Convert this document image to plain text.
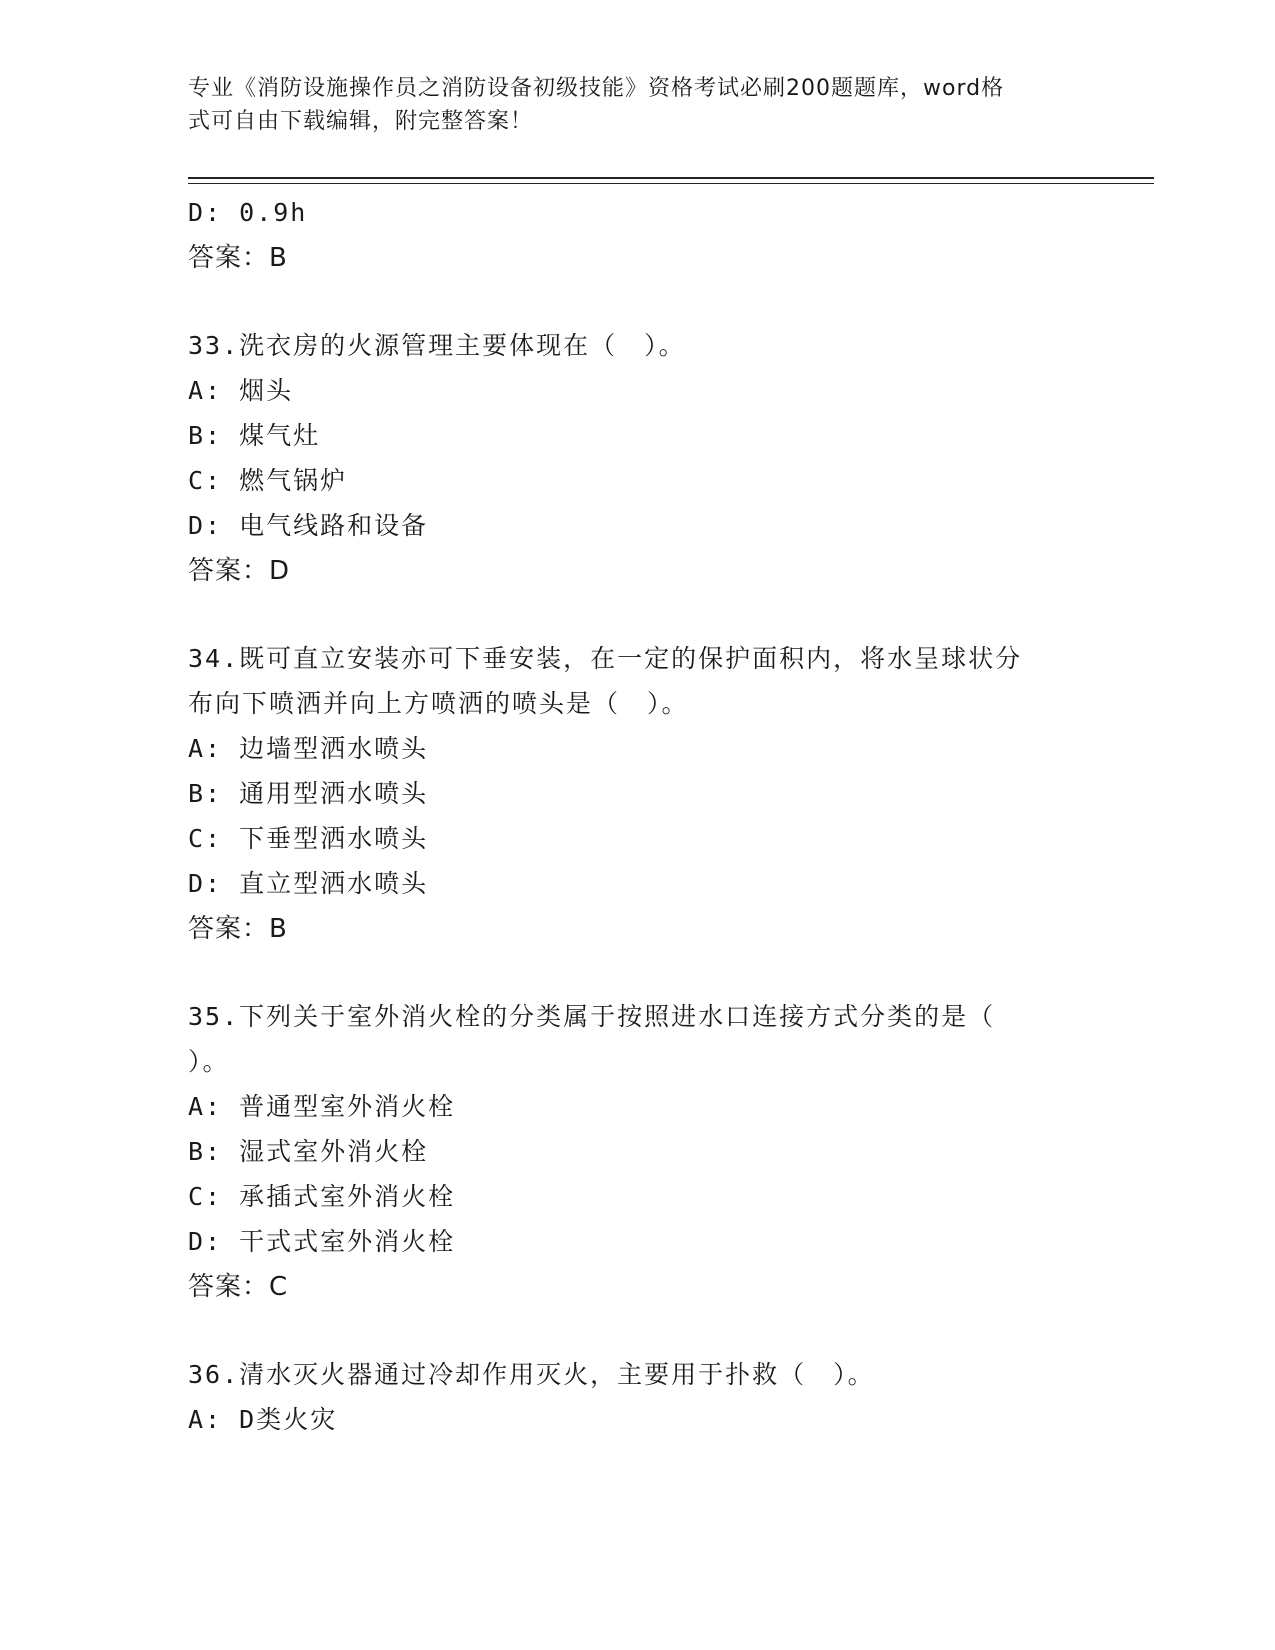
专业《消防设施操作员之消防设备初级技能》资格考试必刷200题题库，word格
式可自由下载编辑，附完整答案！
D: 0.9h
答案：B
33.洗衣房的火源管理主要体现在（　）。
A: 烟头
B: 煤气灶
C: 燃气锅炉
D: 电气线路和设备
答案：D
34.既可直立安装亦可下垂安装，在一定的保护面积内，将水呈球状分
布向下喷洒并向上方喷洒的喷头是（　）。
A: 边墙型洒水喷头
B: 通用型洒水喷头
C: 下垂型洒水喷头
D: 直立型洒水喷头
答案：B
35.下列关于室外消火栓的分类属于按照进水口连接方式分类的是（
）。
A: 普通型室外消火栓
B: 湿式室外消火栓
C: 承插式室外消火栓
D: 干式式室外消火栓
答案：C
36.清水灭火器通过冷却作用灭火，主要用于扑救（　）。
A: D类火灾
